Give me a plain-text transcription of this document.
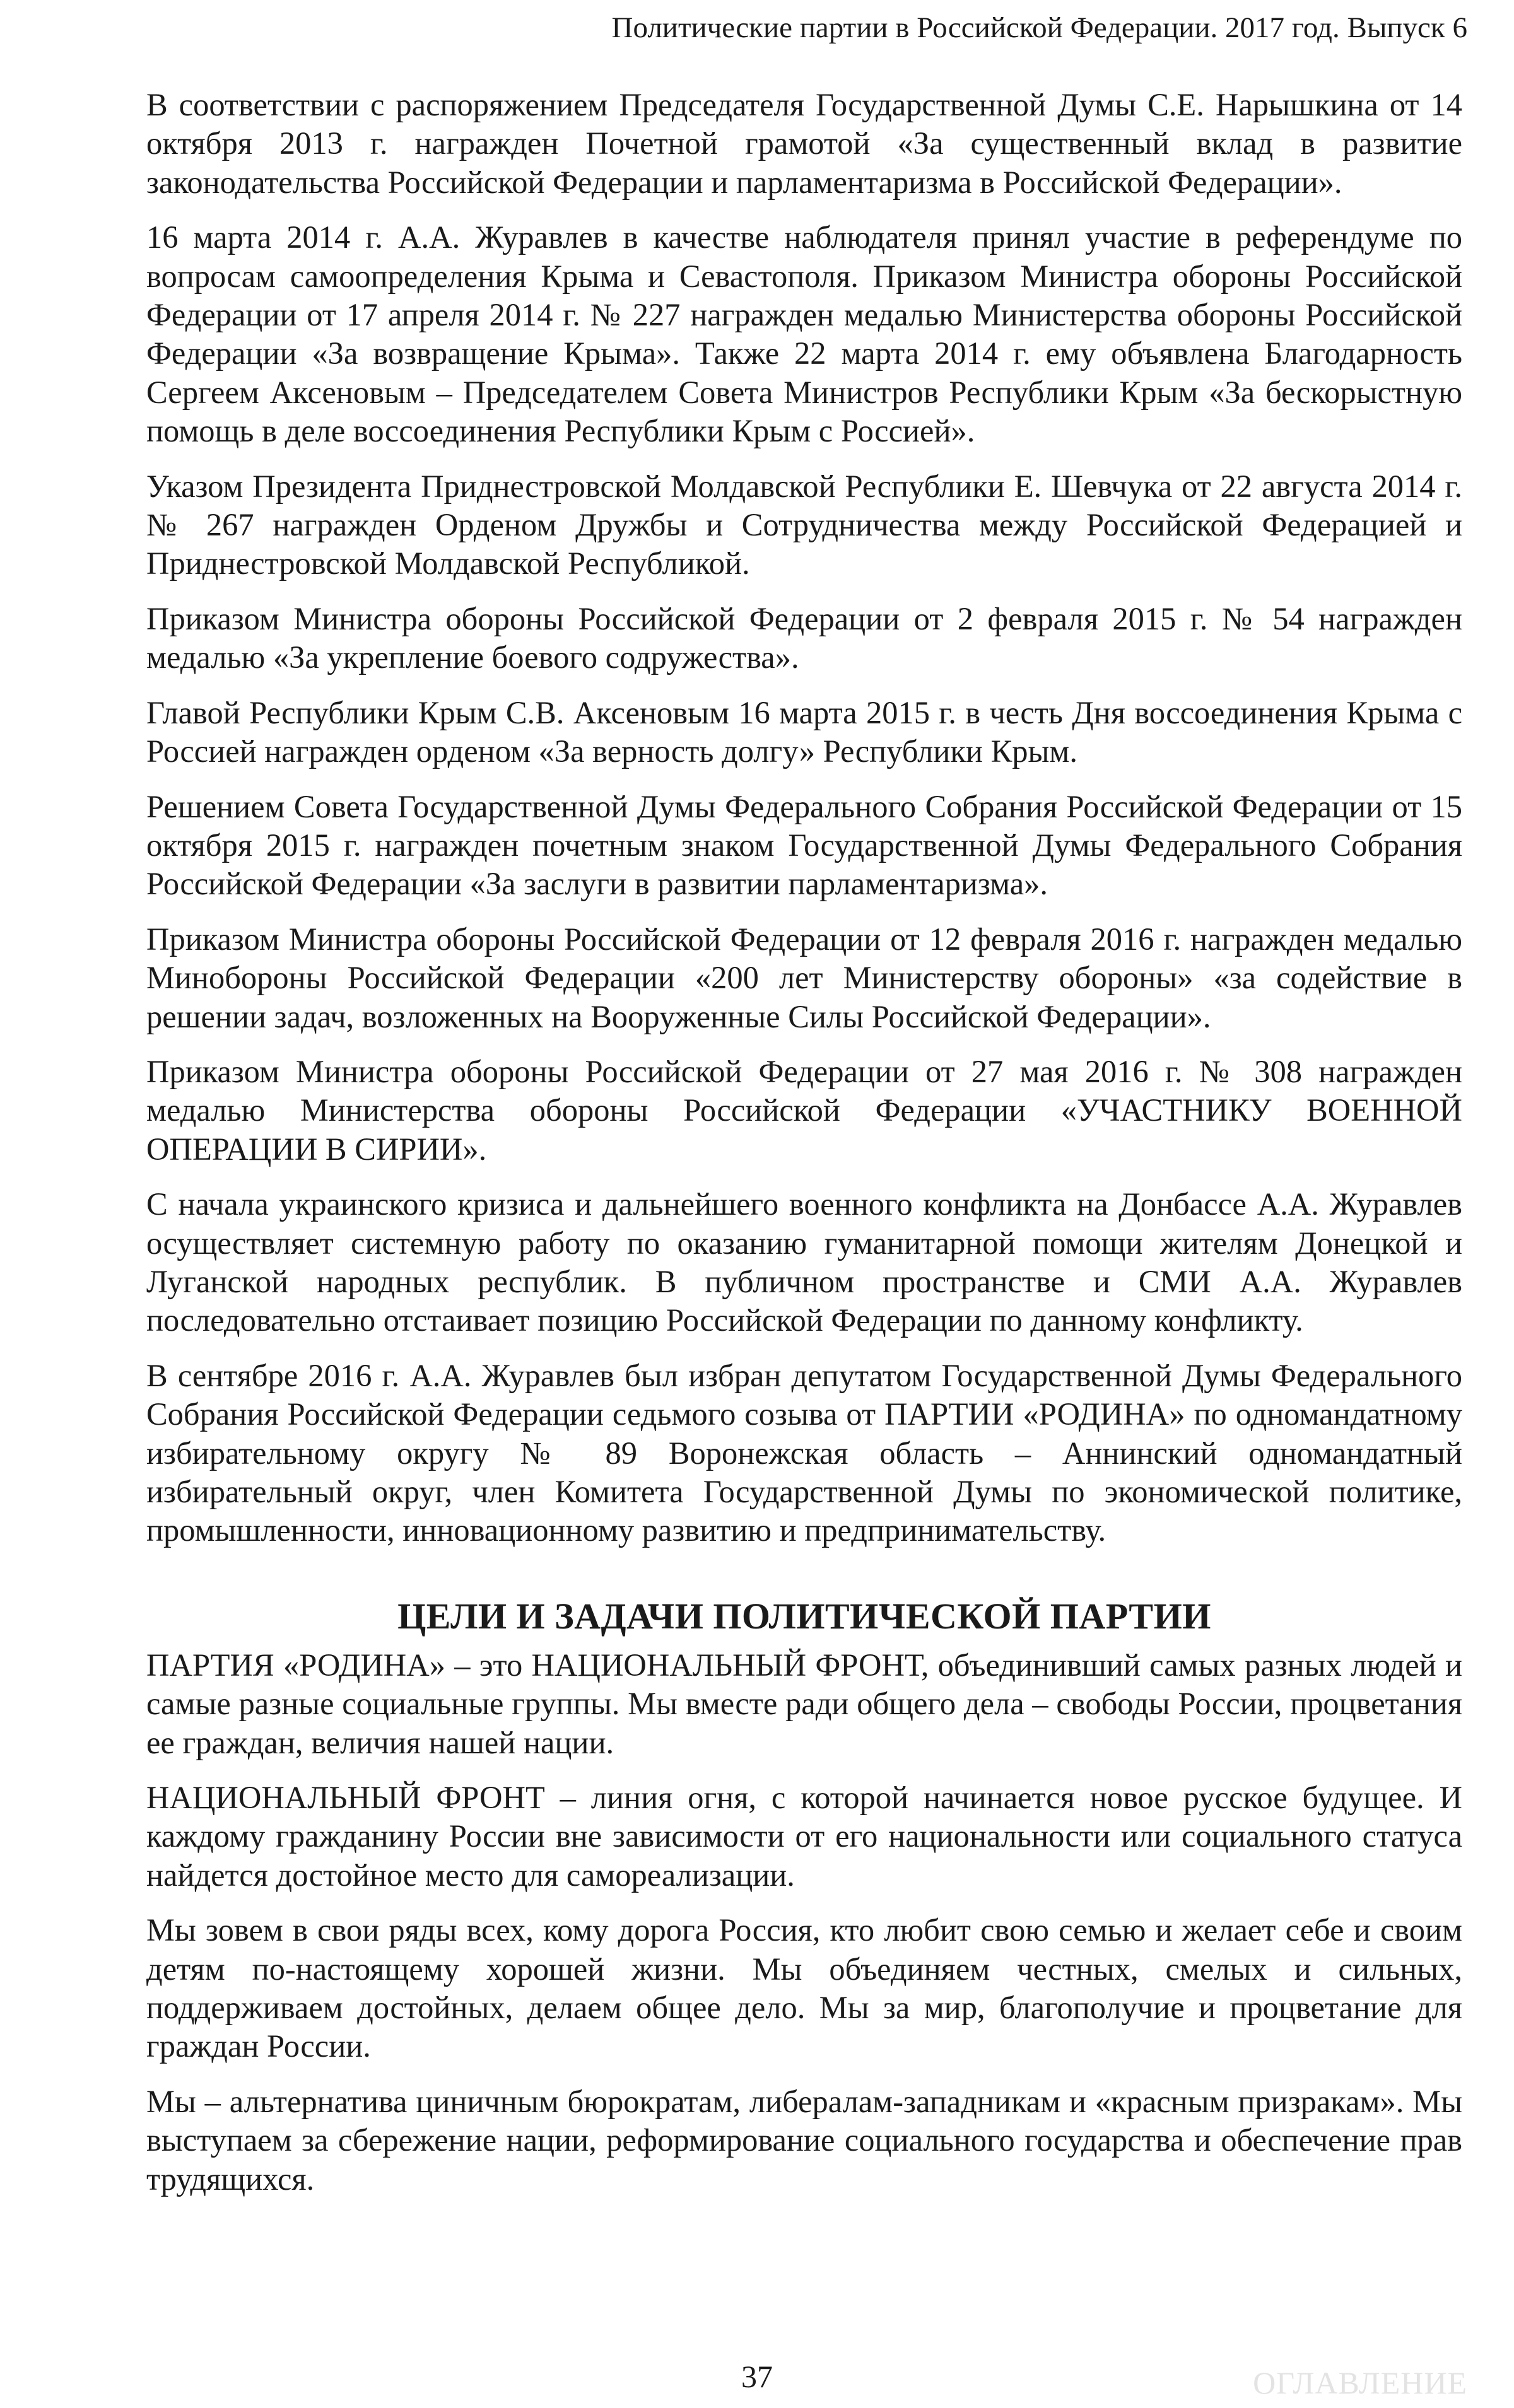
Политические партии в Российской Федерации. 2017 год. Выпуск 6

В соответствии с распоряжением Председателя Государственной Думы С.Е. Нарышкина от 14 октября 2013 г. награжден Почетной грамотой «За существенный вклад в развитие законодательства Российской Федерации и парламентаризма в Российской Федерации».

16 марта 2014 г. А.А. Журавлев в качестве наблюдателя принял участие в референдуме по вопросам самоопределения Крыма и Севастополя. Приказом Министра обороны Российской Федерации от 17 апреля 2014 г. № 227 награжден медалью Министерства обороны Российской Федерации «За возвращение Крыма». Также 22 марта 2014 г. ему объявлена Благодарность Сергеем Аксеновым – Председателем Совета Министров Республики Крым «За бескорыстную помощь в деле воссоединения Республики Крым с Россией».

Указом Президента Приднестровской Молдавской Республики Е. Шевчука от 22 августа 2014 г. № 267 награжден Орденом Дружбы и Сотрудничества между Российской Федерацией и Приднестровской Молдавской Республикой.

Приказом Министра обороны Российской Федерации от 2 февраля 2015 г. № 54 награжден медалью «За укрепление боевого содружества».

Главой Республики Крым С.В. Аксеновым 16 марта 2015 г. в честь Дня воссоединения Крыма с Россией награжден орденом «За верность долгу» Республики Крым.

Решением Совета Государственной Думы Федерального Собрания Российской Федерации от 15 октября 2015 г. награжден почетным знаком Государственной Думы Федерального Собрания Российской Федерации «За заслуги в развитии парламентаризма».

Приказом Министра обороны Российской Федерации от 12 февраля 2016 г. награжден медалью Минобороны Российской Федерации «200 лет Министерству обороны» «за содействие в решении задач, возложенных на Вооруженные Силы Российской Федерации».

Приказом Министра обороны Российской Федерации от 27 мая 2016 г. № 308 награжден медалью Министерства обороны Российской Федерации «УЧАСТНИКУ ВОЕННОЙ ОПЕРАЦИИ В СИРИИ».

С начала украинского кризиса и дальнейшего военного конфликта на Донбассе А.А. Журавлев осуществляет системную работу по оказанию гуманитарной помощи жителям Донецкой и Луганской народных республик. В публичном пространстве и СМИ А.А. Журавлев последовательно отстаивает позицию Российской Федерации по данному конфликту.

В сентябре 2016 г. А.А. Журавлев был избран депутатом Государственной Думы Федерального Собрания Российской Федерации седьмого созыва от ПАРТИИ «РОДИНА» по одномандатному избирательному округу № 89 Воронежская область – Аннинский одномандатный избирательный округ, член Комитета Государственной Думы по экономической политике, промышленности, инновационному развитию и предпринимательству.

ЦЕЛИ И ЗАДАЧИ ПОЛИТИЧЕСКОЙ ПАРТИИ

ПАРТИЯ «РОДИНА» – это НАЦИОНАЛЬНЫЙ ФРОНТ, объединивший самых разных людей и самые разные социальные группы. Мы вместе ради общего дела – свободы России, процветания ее граждан, величия нашей нации.

НАЦИОНАЛЬНЫЙ ФРОНТ – линия огня, с которой начинается новое русское будущее. И каждому гражданину России вне зависимости от его национальности или социального статуса найдется достойное место для самореализации.

Мы зовем в свои ряды всех, кому дорога Россия, кто любит свою семью и желает себе и своим детям по-настоящему хорошей жизни. Мы объединяем честных, смелых и сильных, поддерживаем достойных, делаем общее дело. Мы за мир, благополучие и процветание для граждан России.

Мы – альтернатива циничным бюрократам, либералам-западникам и «красным призракам». Мы выступаем за сбережение нации, реформирование социального государства и обеспечение прав трудящихся.

37	ОГЛАВЛЕНИЕ
